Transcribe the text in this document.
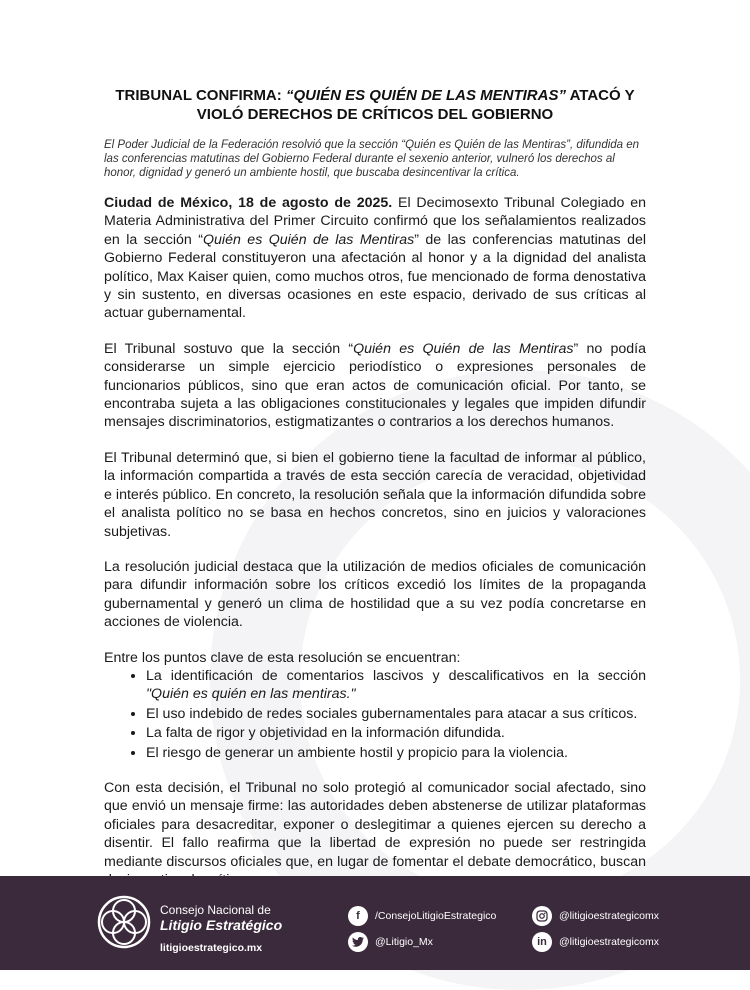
TRIBUNAL CONFIRMA: “QUIÉN ES QUIÉN DE LAS MENTIRAS” ATACÓ Y VIOLÓ DERECHOS DE CRÍTICOS DEL GOBIERNO

El Poder Judicial de la Federación resolvió que la sección “Quién es Quién de las Mentiras”, difundida en las conferencias matutinas del Gobierno Federal durante el sexenio anterior, vulneró los derechos al honor, dignidad y generó un ambiente hostil, que buscaba desincentivar la crítica.

Ciudad de México, 18 de agosto de 2025. El Decimosexto Tribunal Colegiado en Materia Administrativa del Primer Circuito confirmó que los señalamientos realizados en la sección “Quién es Quién de las Mentiras” de las conferencias matutinas del Gobierno Federal constituyeron una afectación al honor y a la dignidad del analista político, Max Kaiser quien, como muchos otros, fue mencionado de forma denostativa y sin sustento, en diversas ocasiones en este espacio, derivado de sus críticas al actuar gubernamental.

El Tribunal sostuvo que la sección “Quién es Quién de las Mentiras” no podía considerarse un simple ejercicio periodístico o expresiones personales de funcionarios públicos, sino que eran actos de comunicación oficial. Por tanto, se encontraba sujeta a las obligaciones constitucionales y legales que impiden difundir mensajes discriminatorios, estigmatizantes o contrarios a los derechos humanos.

El Tribunal determinó que, si bien el gobierno tiene la facultad de informar al público, la información compartida a través de esta sección carecía de veracidad, objetividad e interés público. En concreto, la resolución señala que la información difundida sobre el analista político no se basa en hechos concretos, sino en juicios y valoraciones subjetivas.

La resolución judicial destaca que la utilización de medios oficiales de comunicación para difundir información sobre los críticos excedió los límites de la propaganda gubernamental y generó un clima de hostilidad que a su vez podía concretarse en acciones de violencia.

Entre los puntos clave de esta resolución se encuentran:
• La identificación de comentarios lascivos y descalificativos en la sección "Quién es quién en las mentiras."
• El uso indebido de redes sociales gubernamentales para atacar a sus críticos.
• La falta de rigor y objetividad en la información difundida.
• El riesgo de generar un ambiente hostil y propicio para la violencia.

Con esta decisión, el Tribunal no solo protegió al comunicador social afectado, sino que envió un mensaje firme: las autoridades deben abstenerse de utilizar plataformas oficiales para desacreditar, exponer o deslegitimar a quienes ejercen su derecho a disentir. El fallo reafirma que la libertad de expresión no puede ser restringida mediante discursos oficiales que, en lugar de fomentar el debate democrático, buscan

Consejo Nacional de
Litigio Estratégico
litigioestrategico.mx
f	/ConsejoLitigioEstrategico
@Litigio_Mx
@litigioestrategicomx
in	@litigioestrategicomx
